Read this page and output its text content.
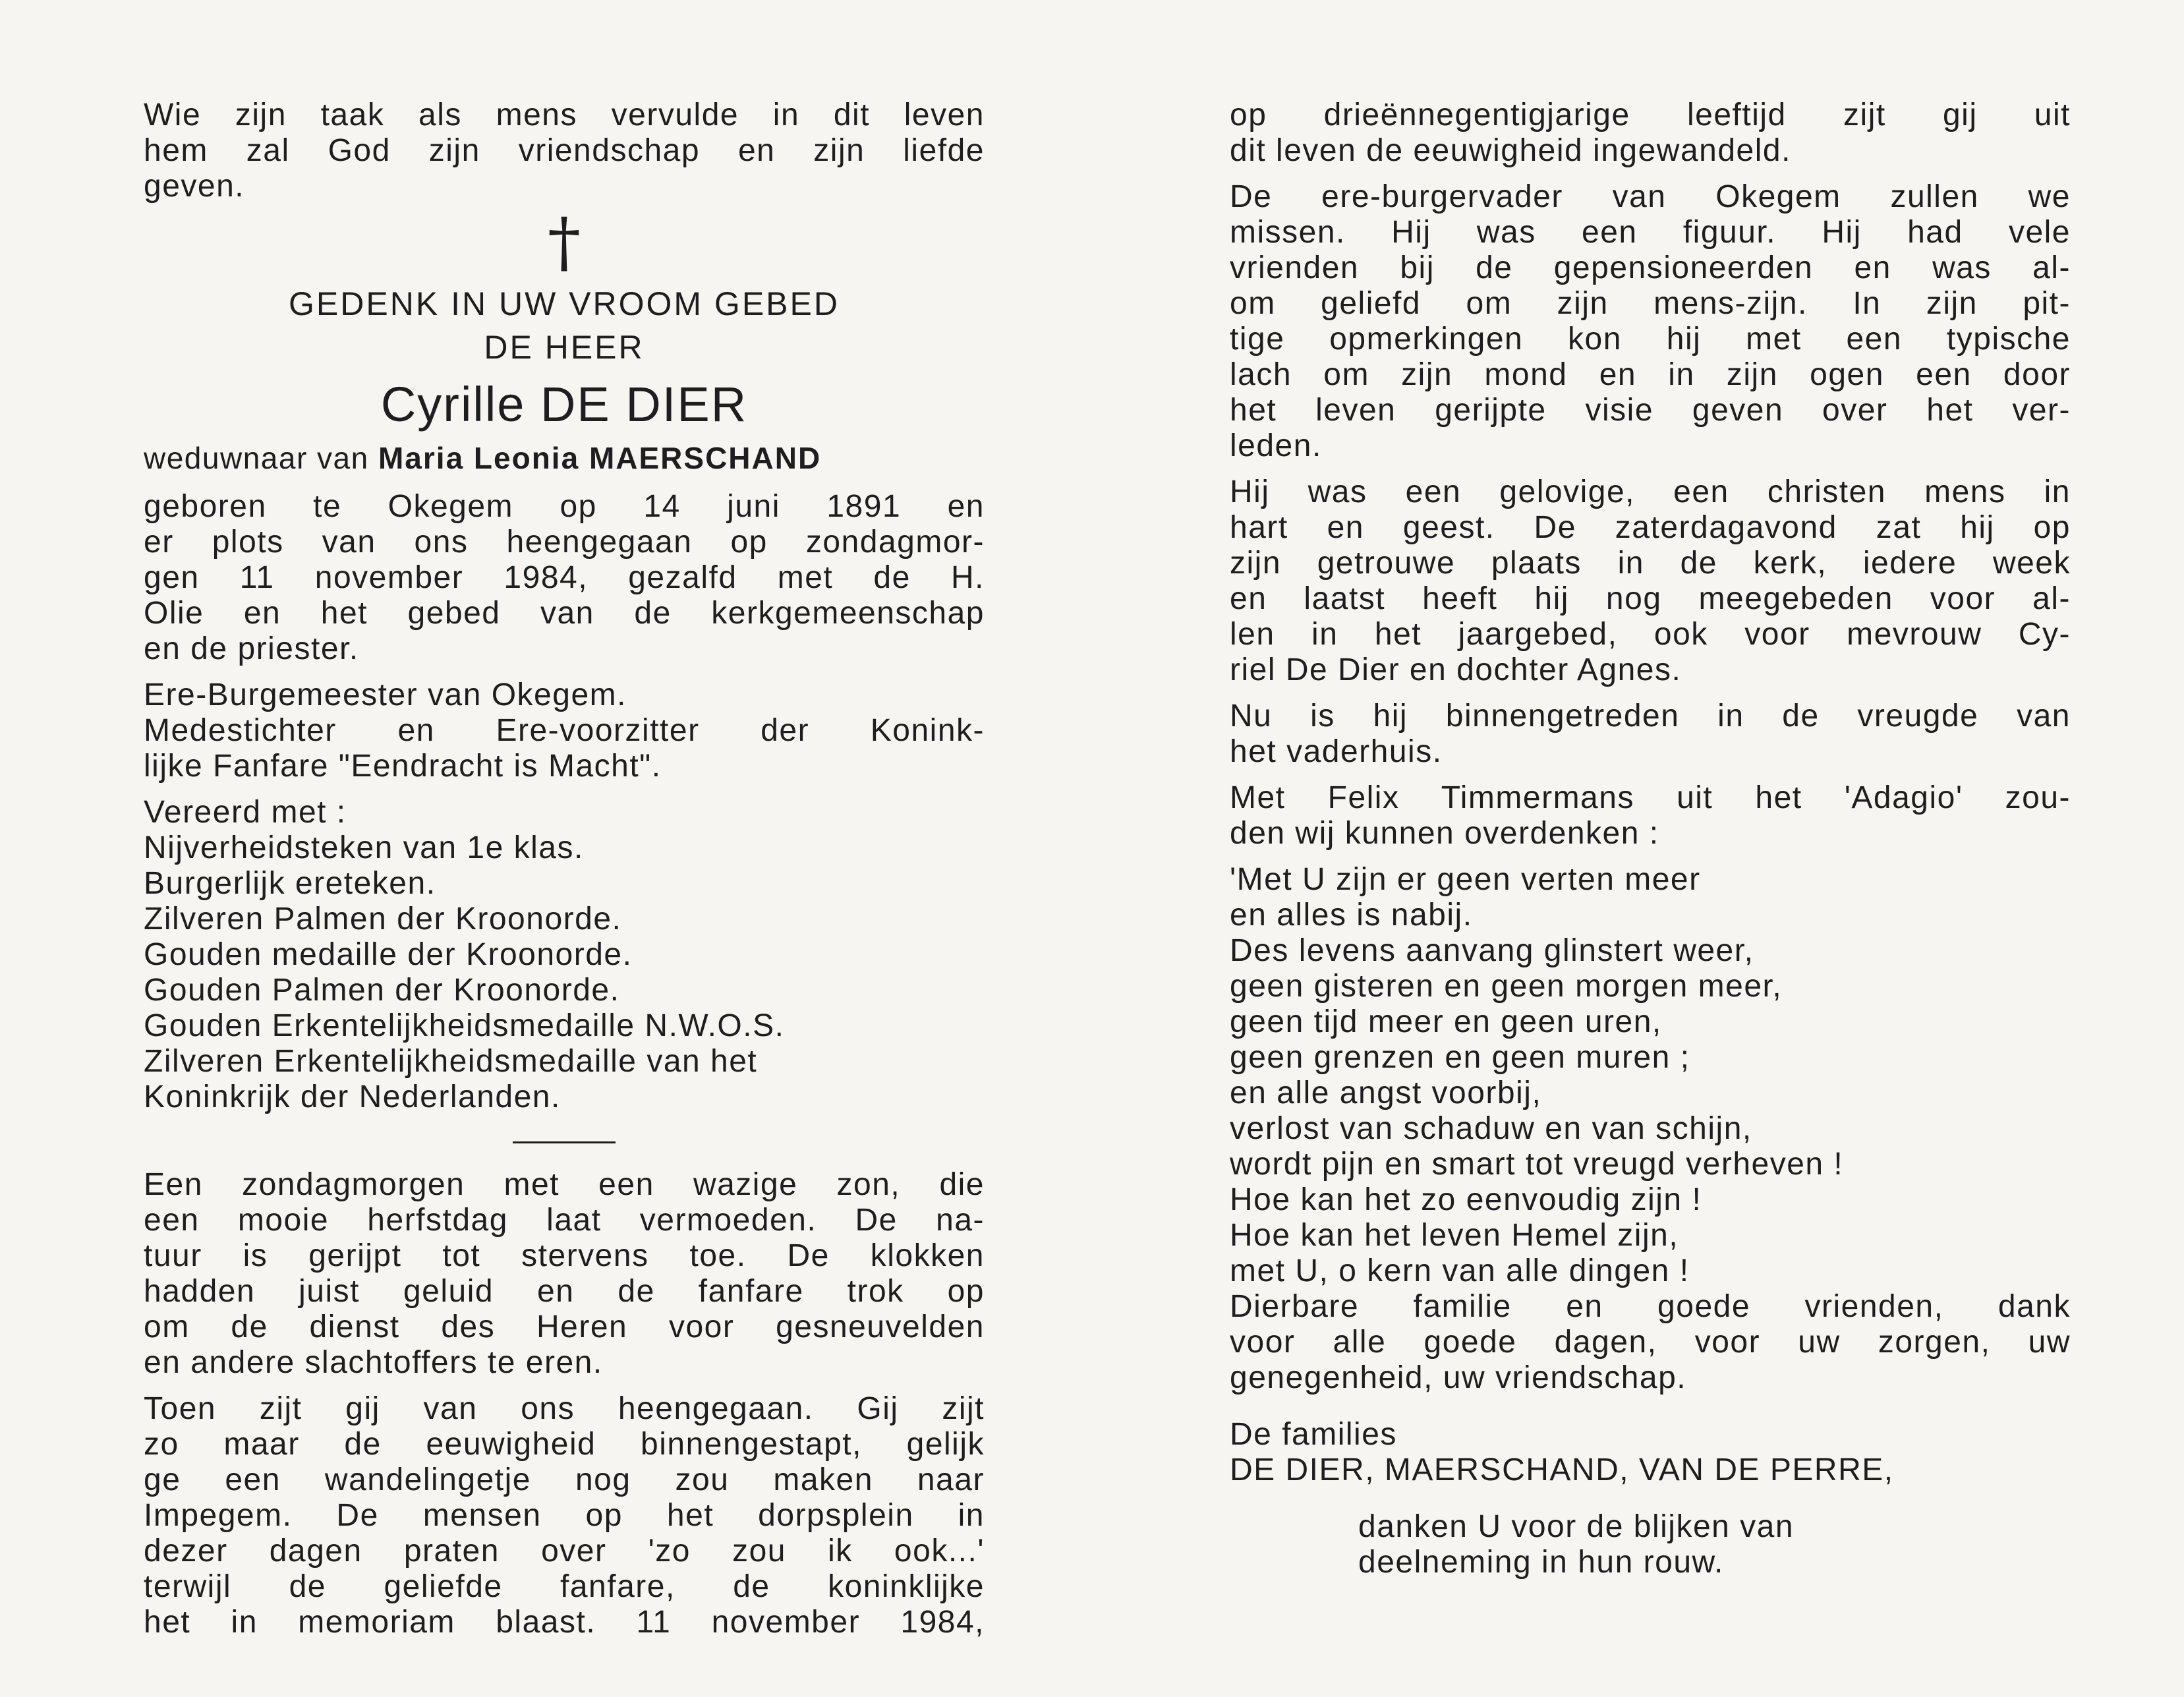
Wie zijn taak als mens vervulde in dit leven
hem zal God zijn vriendschap en zijn liefde
geven.
†
GEDENK IN UW VROOM GEBED
DE HEER
Cyrille DE DIER
weduwnaar van Maria Leonia MAERSCHAND
geboren te Okegem op 14 juni 1891 en
er plots van ons heengegaan op zondagmor-
gen 11 november 1984, gezalfd met de H.
Olie en het gebed van de kerkgemeenschap
en de priester.
Ere-Burgemeester van Okegem.
Medestichter en Ere-voorzitter der Konink-
lijke Fanfare "Eendracht is Macht".
Vereerd met :
Nijverheidsteken van 1e klas.
Burgerlijk ereteken.
Zilveren Palmen der Kroonorde.
Gouden medaille der Kroonorde.
Gouden Palmen der Kroonorde.
Gouden Erkentelijkheidsmedaille N.W.O.S.
Zilveren Erkentelijkheidsmedaille van het
Koninkrijk der Nederlanden.
Een zondagmorgen met een wazige zon, die
een mooie herfstdag laat vermoeden. De na-
tuur is gerijpt tot stervens toe. De klokken
hadden juist geluid en de fanfare trok op
om de dienst des Heren voor gesneuvelden
en andere slachtoffers te eren.
Toen zijt gij van ons heengegaan. Gij zijt
zo maar de eeuwigheid binnengestapt, gelijk
ge een wandelingetje nog zou maken naar
Impegem. De mensen op het dorpsplein in
dezer dagen praten over 'zo zou ik ook...'
terwijl de geliefde fanfare, de koninklijke
het in memoriam blaast. 11 november 1984,
op drieënnegentigjarige leeftijd zijt gij uit
dit leven de eeuwigheid ingewandeld.
De ere-burgervader van Okegem zullen we
missen. Hij was een figuur. Hij had vele
vrienden bij de gepensioneerden en was al-
om geliefd om zijn mens-zijn. In zijn pit-
tige opmerkingen kon hij met een typische
lach om zijn mond en in zijn ogen een door
het leven gerijpte visie geven over het ver-
leden.
Hij was een gelovige, een christen mens in
hart en geest. De zaterdagavond zat hij op
zijn getrouwe plaats in de kerk, iedere week
en laatst heeft hij nog meegebeden voor al-
len in het jaargebed, ook voor mevrouw Cy-
riel De Dier en dochter Agnes.
Nu is hij binnengetreden in de vreugde van
het vaderhuis.
Met Felix Timmermans uit het 'Adagio' zou-
den wij kunnen overdenken :
'Met U zijn er geen verten meer
en alles is nabij.
Des levens aanvang glinstert weer,
geen gisteren en geen morgen meer,
geen tijd meer en geen uren,
geen grenzen en geen muren ;
en alle angst voorbij,
verlost van schaduw en van schijn,
wordt pijn en smart tot vreugd verheven !
Hoe kan het zo eenvoudig zijn !
Hoe kan het leven Hemel zijn,
met U, o kern van alle dingen !
Dierbare familie en goede vrienden, dank
voor alle goede dagen, voor uw zorgen, uw
genegenheid, uw vriendschap.
De families
DE DIER, MAERSCHAND, VAN DE PERRE,
danken U voor de blijken van
deelneming in hun rouw.
